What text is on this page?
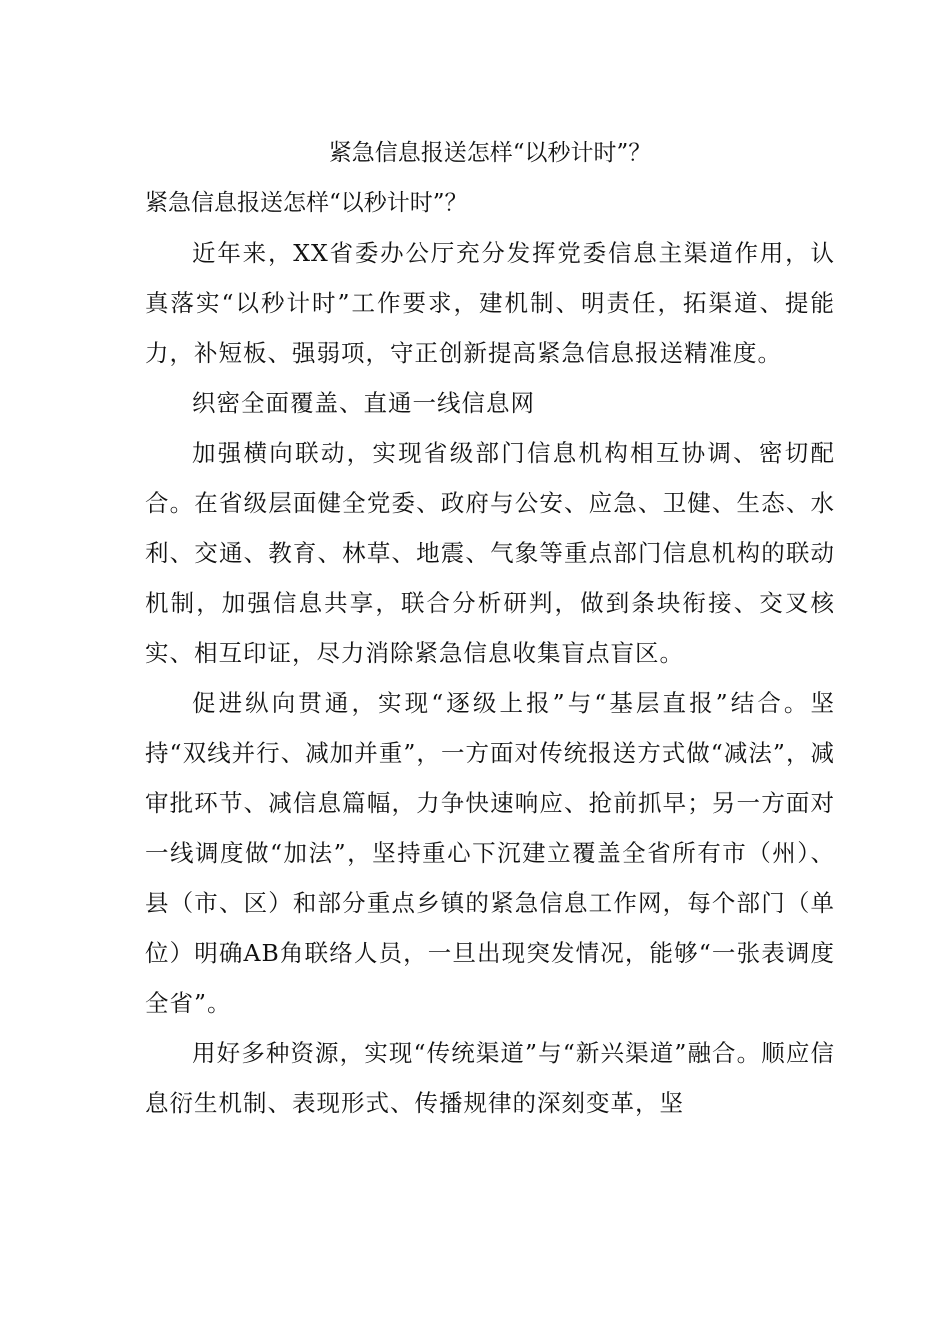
紧急信息报送怎样“以秒计时”？

紧急信息报送怎样“以秒计时”？

近年来，XX省委办公厅充分发挥党委信息主渠道作用，认真落实“以秒计时”工作要求，建机制、明责任，拓渠道、提能力，补短板、强弱项，守正创新提高紧急信息报送精准度。

织密全面覆盖、直通一线信息网

加强横向联动，实现省级部门信息机构相互协调、密切配合。在省级层面健全党委、政府与公安、应急、卫健、生态、水利、交通、教育、林草、地震、气象等重点部门信息机构的联动机制，加强信息共享，联合分析研判，做到条块衔接、交叉核实、相互印证，尽力消除紧急信息收集盲点盲区。

促进纵向贯通，实现“逐级上报”与“基层直报”结合。坚持“双线并行、减加并重”，一方面对传统报送方式做“减法”，减审批环节、减信息篇幅，力争快速响应、抢前抓早；另一方面对一线调度做“加法”，坚持重心下沉建立覆盖全省所有市（州）、县（市、区）和部分重点乡镇的紧急信息工作网，每个部门（单位）明确AB角联络人员，一旦出现突发情况，能够“一张表调度全省”。

用好多种资源，实现“传统渠道”与“新兴渠道”融合。顺应信息衍生机制、表现形式、传播规律的深刻变革，坚
